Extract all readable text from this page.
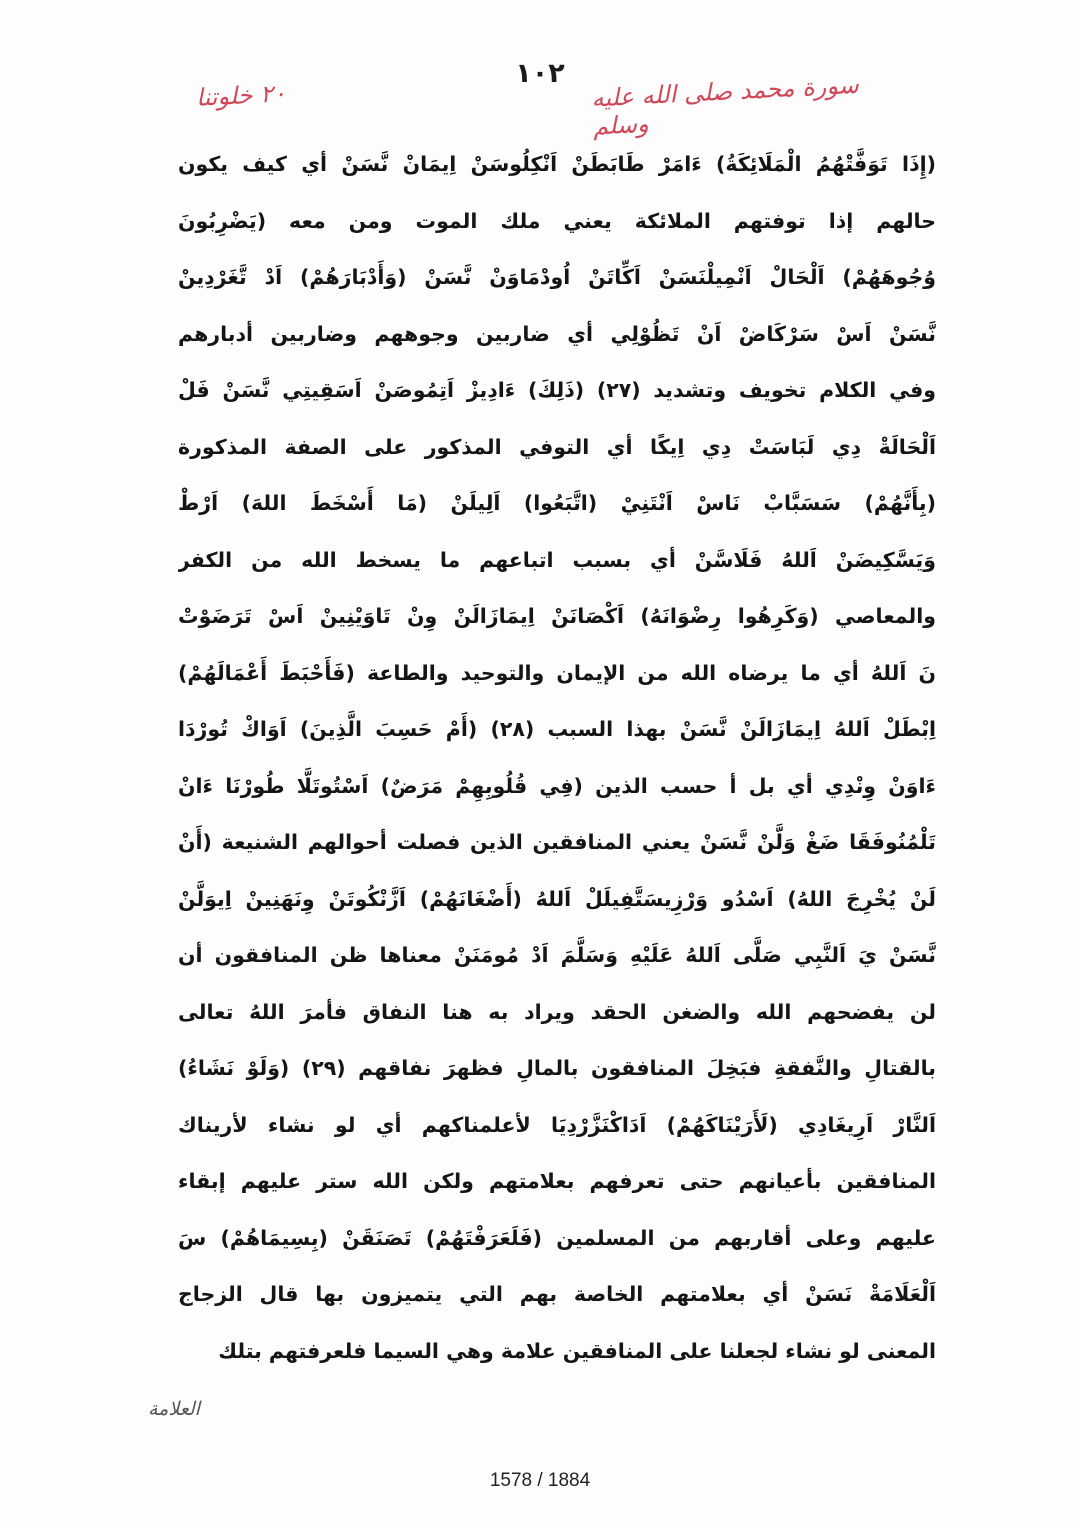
١٠٢
٢٠ خلوتنا	سورة محمد صلى الله عليه وسلم
(إِذَا تَوَفَّتْهُمُ الْمَلَائِكَةُ) ءَامَرْ طَابَطَنْ اَنْكِلُوسَنْ اِيمَانْ نَّسَنْ أي كيف يكون
حالهم إذا توفتهم الملائكة يعني ملك الموت ومن معه (يَضْرِبُونَ
وُجُوهَهُمْ) اَلْحَالْ اَنْمِيلْنَسَنْ اَكِّاتَنْ اُودْمَاوَنْ نَّسَنْ (وَأَدْبَارَهُمْ) اَدْ تَّغَرْدِينْ
نَّسَنْ اَسْ سَرْكَاضْ اَنْ تَظُوْلِي أي ضاربين وجوههم وضاربين أدبارهم
وفي الكلام تخويف وتشديد (٢٧) (ذَلِكَ) ءَادِيزْ اَتِمُوصَنْ اَسَقِيتِي نَّسَنْ فَلْ
اَلْحَالَةْ دِي لَبَاسَتْ دِي اِيكًا أي التوفي المذكور على الصفة المذكورة
(بِأَنَّهُمْ) سَسَبَّابْ نَاسْ اَنْتَنِيْ (اتَّبَعُوا) اَلِيلَنْ (مَا أَسْخَطَ اللهَ) اَرْطْ
وَيَسَّكِيضَنْ اَللهُ فَلَاسَّنْ أي بسبب اتباعهم ما يسخط الله من الكفر
والمعاصي (وَكَرِهُوا رِضْوَانَهُ) اَكْصَانَنْ اِيمَازَالَنْ وِنْ تَاوَيْنِينْ اَسْ تَرَضَوْتْ
نَ اَللهُ أي ما يرضاه الله من الإيمان والتوحيد والطاعة (فَأَحْبَطَ أَعْمَالَهُمْ)
اِبْطَلْ اَللهُ اِيمَازَالَنْ نَّسَنْ بهذا السبب (٢٨) (أَمْ حَسِبَ الَّذِينَ) اَوَاكْ تُورْدَا
ءَاوَنْ وِنْدِي أي بل أ حسب الذين (فِي قُلُوبِهِمْ مَرَضٌ) اَسْتُوتَلَّا طُورْنَا ءَانْ
تَلْمُنُوفَقَا ضَغْ وَلَّنْ نَّسَنْ يعني المنافقين الذين فصلت أحوالهم الشنيعة (أَنْ
لَنْ يُخْرِجَ اللهُ) اَسْدُو وَرْزِيسَتَّفِيلَلْ اَللهُ (أَضْغَانَهُمْ) اَزَّنْكُوتَنْ وِنَهَنِينْ اِيوَلَّنْ
نَّسَنْ يَ اَلنَّبِي صَلَّى اَللهُ عَلَيْهِ وَسَلَّمَ اَدْ مُومَنَنْ معناها ظن المنافقون أن
لن يفضحهم الله والضغن الحقد ويراد به هنا النفاق فأمرَ اللهُ تعالى
بالقتالِ والنَّفقةِ فبَخِلَ المنافقون بالمالِ فظهرَ نفاقهم (٢٩) (وَلَوْ نَشَاءُ)
اَلنَّارْ اَرِيغَادِي (لَأَرَيْنَاكَهُمْ) اَدَاكْنَزَّرْدِيَا لأعلمناكهم أي لو نشاء لأريناك
المنافقين بأعيانهم حتى تعرفهم بعلامتهم ولكن الله ستر عليهم إبقاء
عليهم وعلى أقاربهم من المسلمين (فَلَعَرَفْتَهُمْ) تَصَنَقَنْ (بِسِيمَاهُمْ) سَ
اَلْعَلَامَةْ نَسَنْ أي بعلامتهم الخاصة بهم التي يتميزون بها قال الزجاج
المعنى لو نشاء لجعلنا على المنافقين علامة وهي السيما فلعرفتهم بتلك
العلامة
1578 / 1884
